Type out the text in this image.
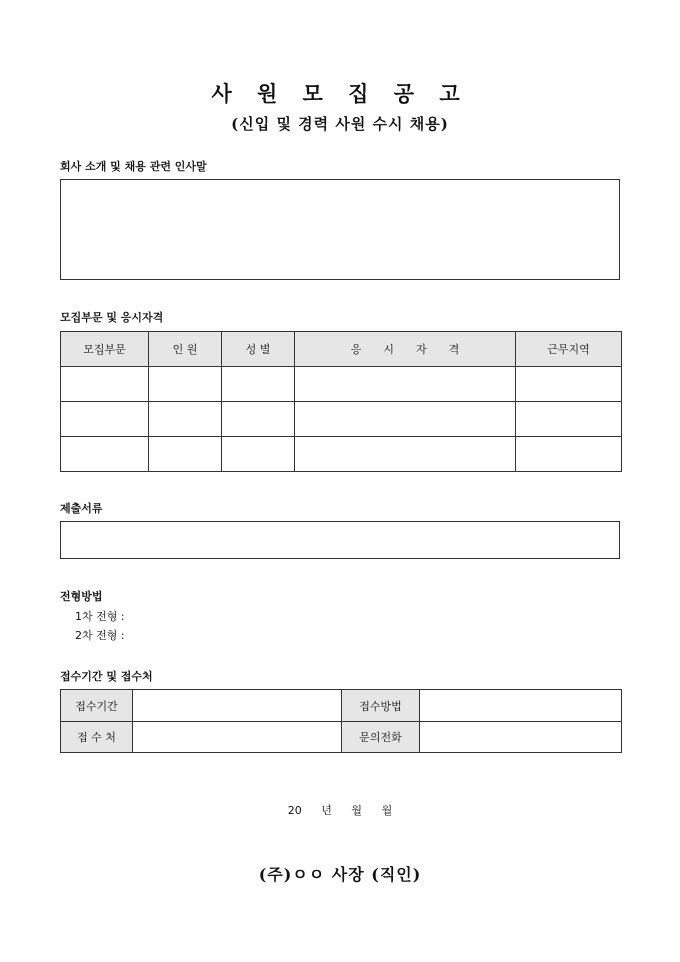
사 원 모 집 공 고
(신입 및 경력 사원 수시 채용)
회사 소개 및 채용 관련 인사말
모집부문 및 응시자격
모집부문	인 원	성 별	응　　시　　자　　격	근무지역

제출서류
전형방법
1차 전형 :
2차 전형 :
접수기간 및 접수처
접수기간		접수방법	
접 수 처		문의전화	
20 년 월 월
(주)ㅇㅇ 사장 (직인)
